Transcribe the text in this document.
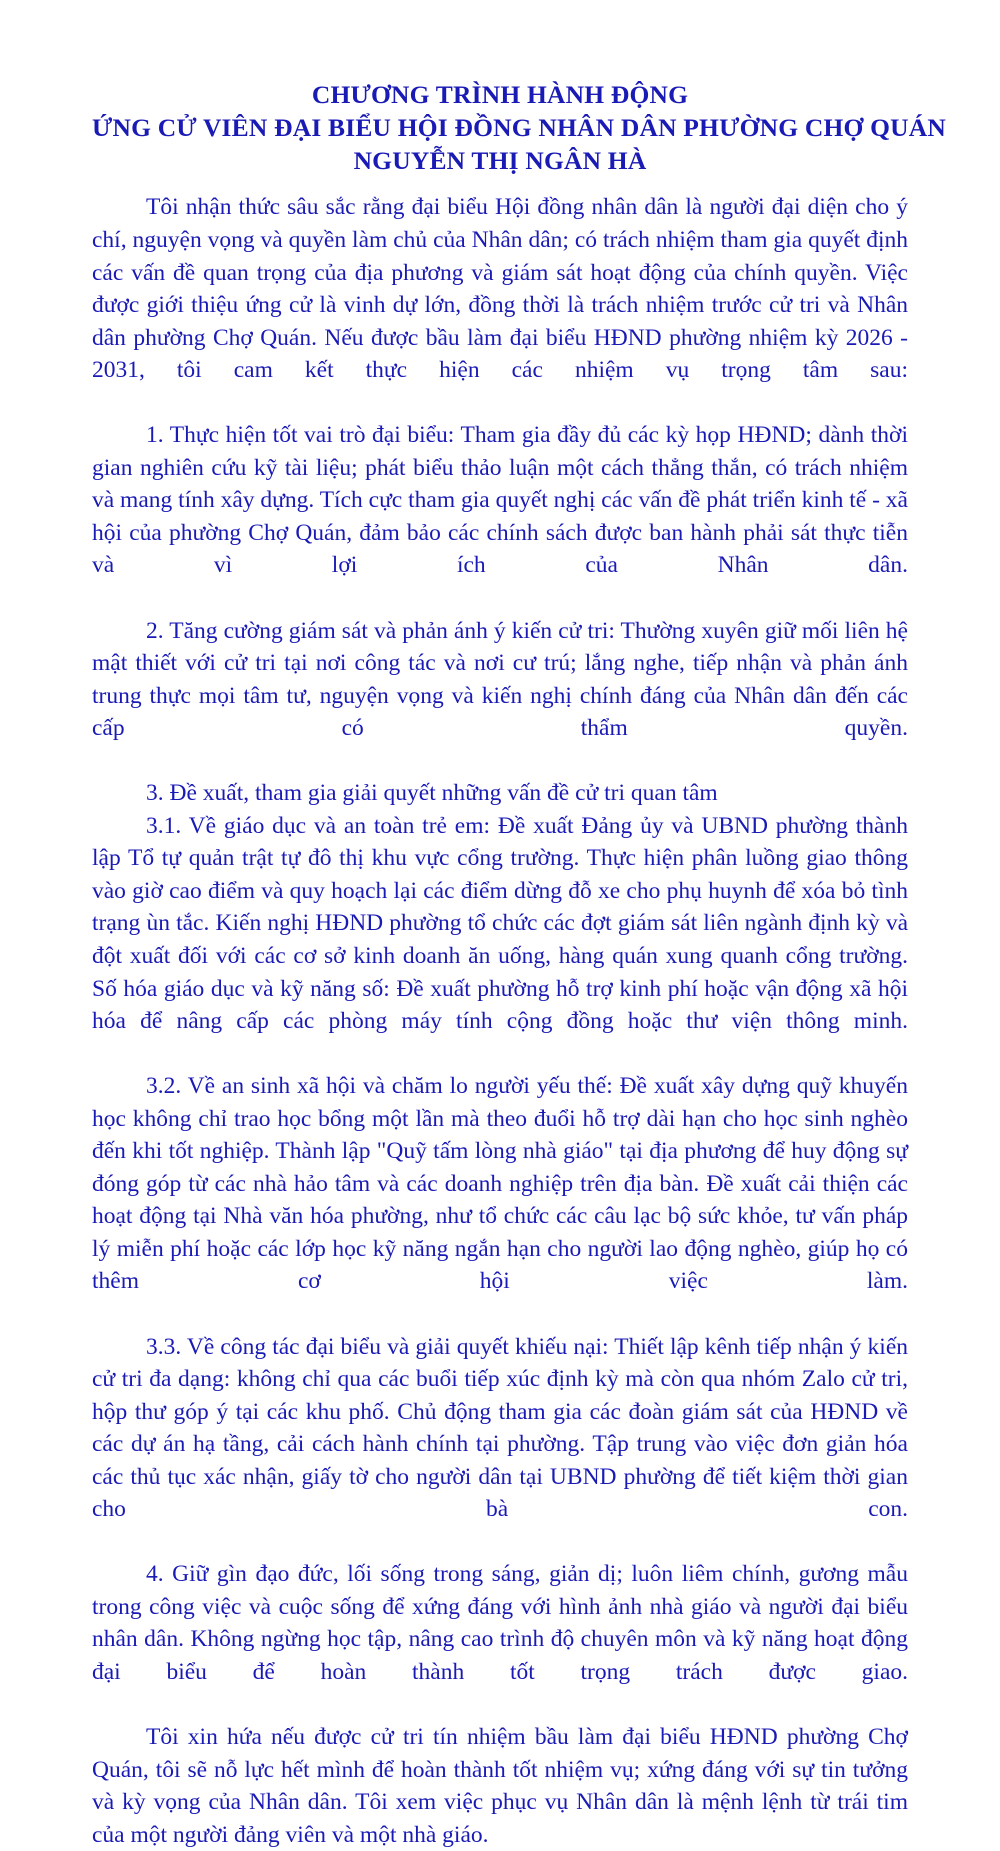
CHƯƠNG TRÌNH HÀNH ĐỘNG
ỨNG CỬ VIÊN ĐẠI BIỂU HỘI ĐỒNG NHÂN DÂN PHƯỜNG CHỢ QUÁN
NGUYỄN THỊ NGÂN HÀ

Tôi nhận thức sâu sắc rằng đại biểu Hội đồng nhân dân là người đại diện cho ý chí, nguyện vọng và quyền làm chủ của Nhân dân; có trách nhiệm tham gia quyết định các vấn đề quan trọng của địa phương và giám sát hoạt động của chính quyền. Việc được giới thiệu ứng cử là vinh dự lớn, đồng thời là trách nhiệm trước cử tri và Nhân dân phường Chợ Quán. Nếu được bầu làm đại biểu HĐND phường nhiệm kỳ 2026 - 2031, tôi cam kết thực hiện các nhiệm vụ trọng tâm sau:

1. Thực hiện tốt vai trò đại biểu: Tham gia đầy đủ các kỳ họp HĐND; dành thời gian nghiên cứu kỹ tài liệu; phát biểu thảo luận một cách thẳng thắn, có trách nhiệm và mang tính xây dựng. Tích cực tham gia quyết nghị các vấn đề phát triển kinh tế - xã hội của phường Chợ Quán, đảm bảo các chính sách được ban hành phải sát thực tiễn và vì lợi ích của Nhân dân.

2. Tăng cường giám sát và phản ánh ý kiến cử tri: Thường xuyên giữ mối liên hệ mật thiết với cử tri tại nơi công tác và nơi cư trú; lắng nghe, tiếp nhận và phản ánh trung thực mọi tâm tư, nguyện vọng và kiến nghị chính đáng của Nhân dân đến các cấp có thẩm quyền.

3. Đề xuất, tham gia giải quyết những vấn đề cử tri quan tâm

3.1. Về giáo dục và an toàn trẻ em: Đề xuất Đảng ủy và UBND phường thành lập Tổ tự quản trật tự đô thị khu vực cổng trường. Thực hiện phân luồng giao thông vào giờ cao điểm và quy hoạch lại các điểm dừng đỗ xe cho phụ huynh để xóa bỏ tình trạng ùn tắc. Kiến nghị HĐND phường tổ chức các đợt giám sát liên ngành định kỳ và đột xuất đối với các cơ sở kinh doanh ăn uống, hàng quán xung quanh cổng trường. Số hóa giáo dục và kỹ năng số: Đề xuất phường hỗ trợ kinh phí hoặc vận động xã hội hóa để nâng cấp các phòng máy tính cộng đồng hoặc thư viện thông minh.

3.2. Về an sinh xã hội và chăm lo người yếu thế: Đề xuất xây dựng quỹ khuyến học không chỉ trao học bổng một lần mà theo đuổi hỗ trợ dài hạn cho học sinh nghèo đến khi tốt nghiệp. Thành lập "Quỹ tấm lòng nhà giáo" tại địa phương để huy động sự đóng góp từ các nhà hảo tâm và các doanh nghiệp trên địa bàn. Đề xuất cải thiện các hoạt động tại Nhà văn hóa phường, như tổ chức các câu lạc bộ sức khỏe, tư vấn pháp lý miễn phí hoặc các lớp học kỹ năng ngắn hạn cho người lao động nghèo, giúp họ có thêm cơ hội việc làm.

3.3. Về công tác đại biểu và giải quyết khiếu nại: Thiết lập kênh tiếp nhận ý kiến cử tri đa dạng: không chỉ qua các buổi tiếp xúc định kỳ mà còn qua nhóm Zalo cử tri, hộp thư góp ý tại các khu phố. Chủ động tham gia các đoàn giám sát của HĐND về các dự án hạ tầng, cải cách hành chính tại phường. Tập trung vào việc đơn giản hóa các thủ tục xác nhận, giấy tờ cho người dân tại UBND phường để tiết kiệm thời gian cho bà con.

4. Giữ gìn đạo đức, lối sống trong sáng, giản dị; luôn liêm chính, gương mẫu trong công việc và cuộc sống để xứng đáng với hình ảnh nhà giáo và người đại biểu nhân dân. Không ngừng học tập, nâng cao trình độ chuyên môn và kỹ năng hoạt động đại biểu để hoàn thành tốt trọng trách được giao.

Tôi xin hứa nếu được cử tri tín nhiệm bầu làm đại biểu HĐND phường Chợ Quán, tôi sẽ nỗ lực hết mình để hoàn thành tốt nhiệm vụ; xứng đáng với sự tin tưởng và kỳ vọng của Nhân dân. Tôi xem việc phục vụ Nhân dân là mệnh lệnh từ trái tim của một người đảng viên và một nhà giáo.
